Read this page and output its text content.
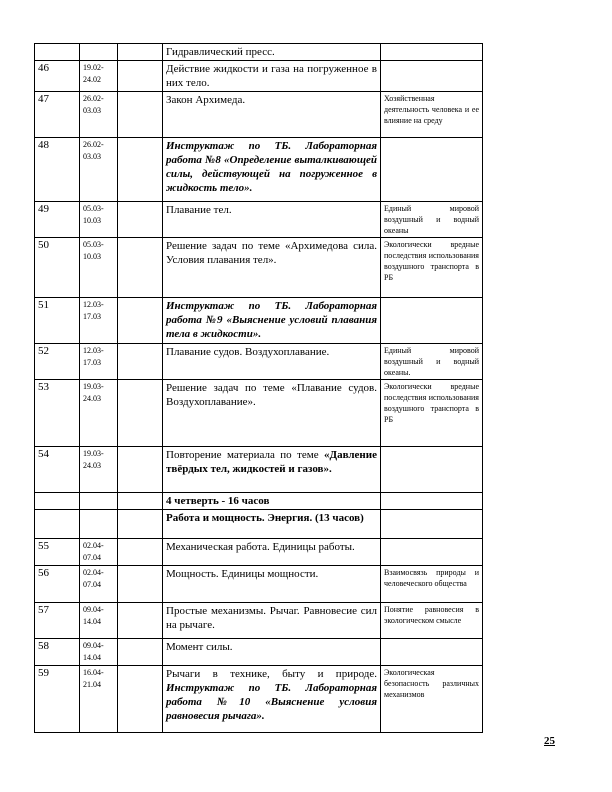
			Гидравлический пресс.	
46	19.02-24.02		Действие жидкости и газа на погруженное в них тело.	
47	26.02-03.03		Закон Архимеда.	Хозяйственная деятельность человека и ее влияние на среду
48	26.02-03.03		Инструктаж по ТБ. Лабораторная работа №8 «Определение выталкивающей силы, действующей на погруженное в жидкость тело».	
49	05.03-10.03		Плавание тел.	Единый мировой воздушный и водный океаны
50	05.03-10.03		Решение задач по теме «Архимедова сила. Условия плавания тел».	Экологически вредные последствия использования воздушного транспорта в РБ
51	12.03-17.03		Инструктаж по ТБ. Лабораторная работа №9 «Выяснение условий плавания тела в жидкости».	
52	12.03-17.03		Плавание судов. Воздухоплавание.	Единый мировой воздушный и водный океаны.
53	19.03-24.03		Решение задач по теме «Плавание судов. Воздухоплавание».	Экологически вредные последствия использования воздушного транспорта в РБ
54	19.03-24.03		Повторение материала по теме «Давление твёрдых тел, жидкостей и газов».	
			4 четверть - 16 часов	
			Работа и мощность. Энергия. (13 часов)	
55	02.04-07.04		Механическая работа. Единицы работы.	
56	02.04-07.04		Мощность. Единицы мощности.	Взаимосвязь природы и человеческого общества
57	09.04-14.04		Простые механизмы. Рычаг. Равновесие сил на рычаге.	Понятие равновесия в экологическом смысле
58	09.04-14.04		Момент силы.	
59	16.04-21.04		Рычаги в технике, быту и природе. Инструктаж по ТБ. Лабораторная работа №10 «Выяснение условия равновесия рычага».	Экологическая безопасность различных механизмов
25
